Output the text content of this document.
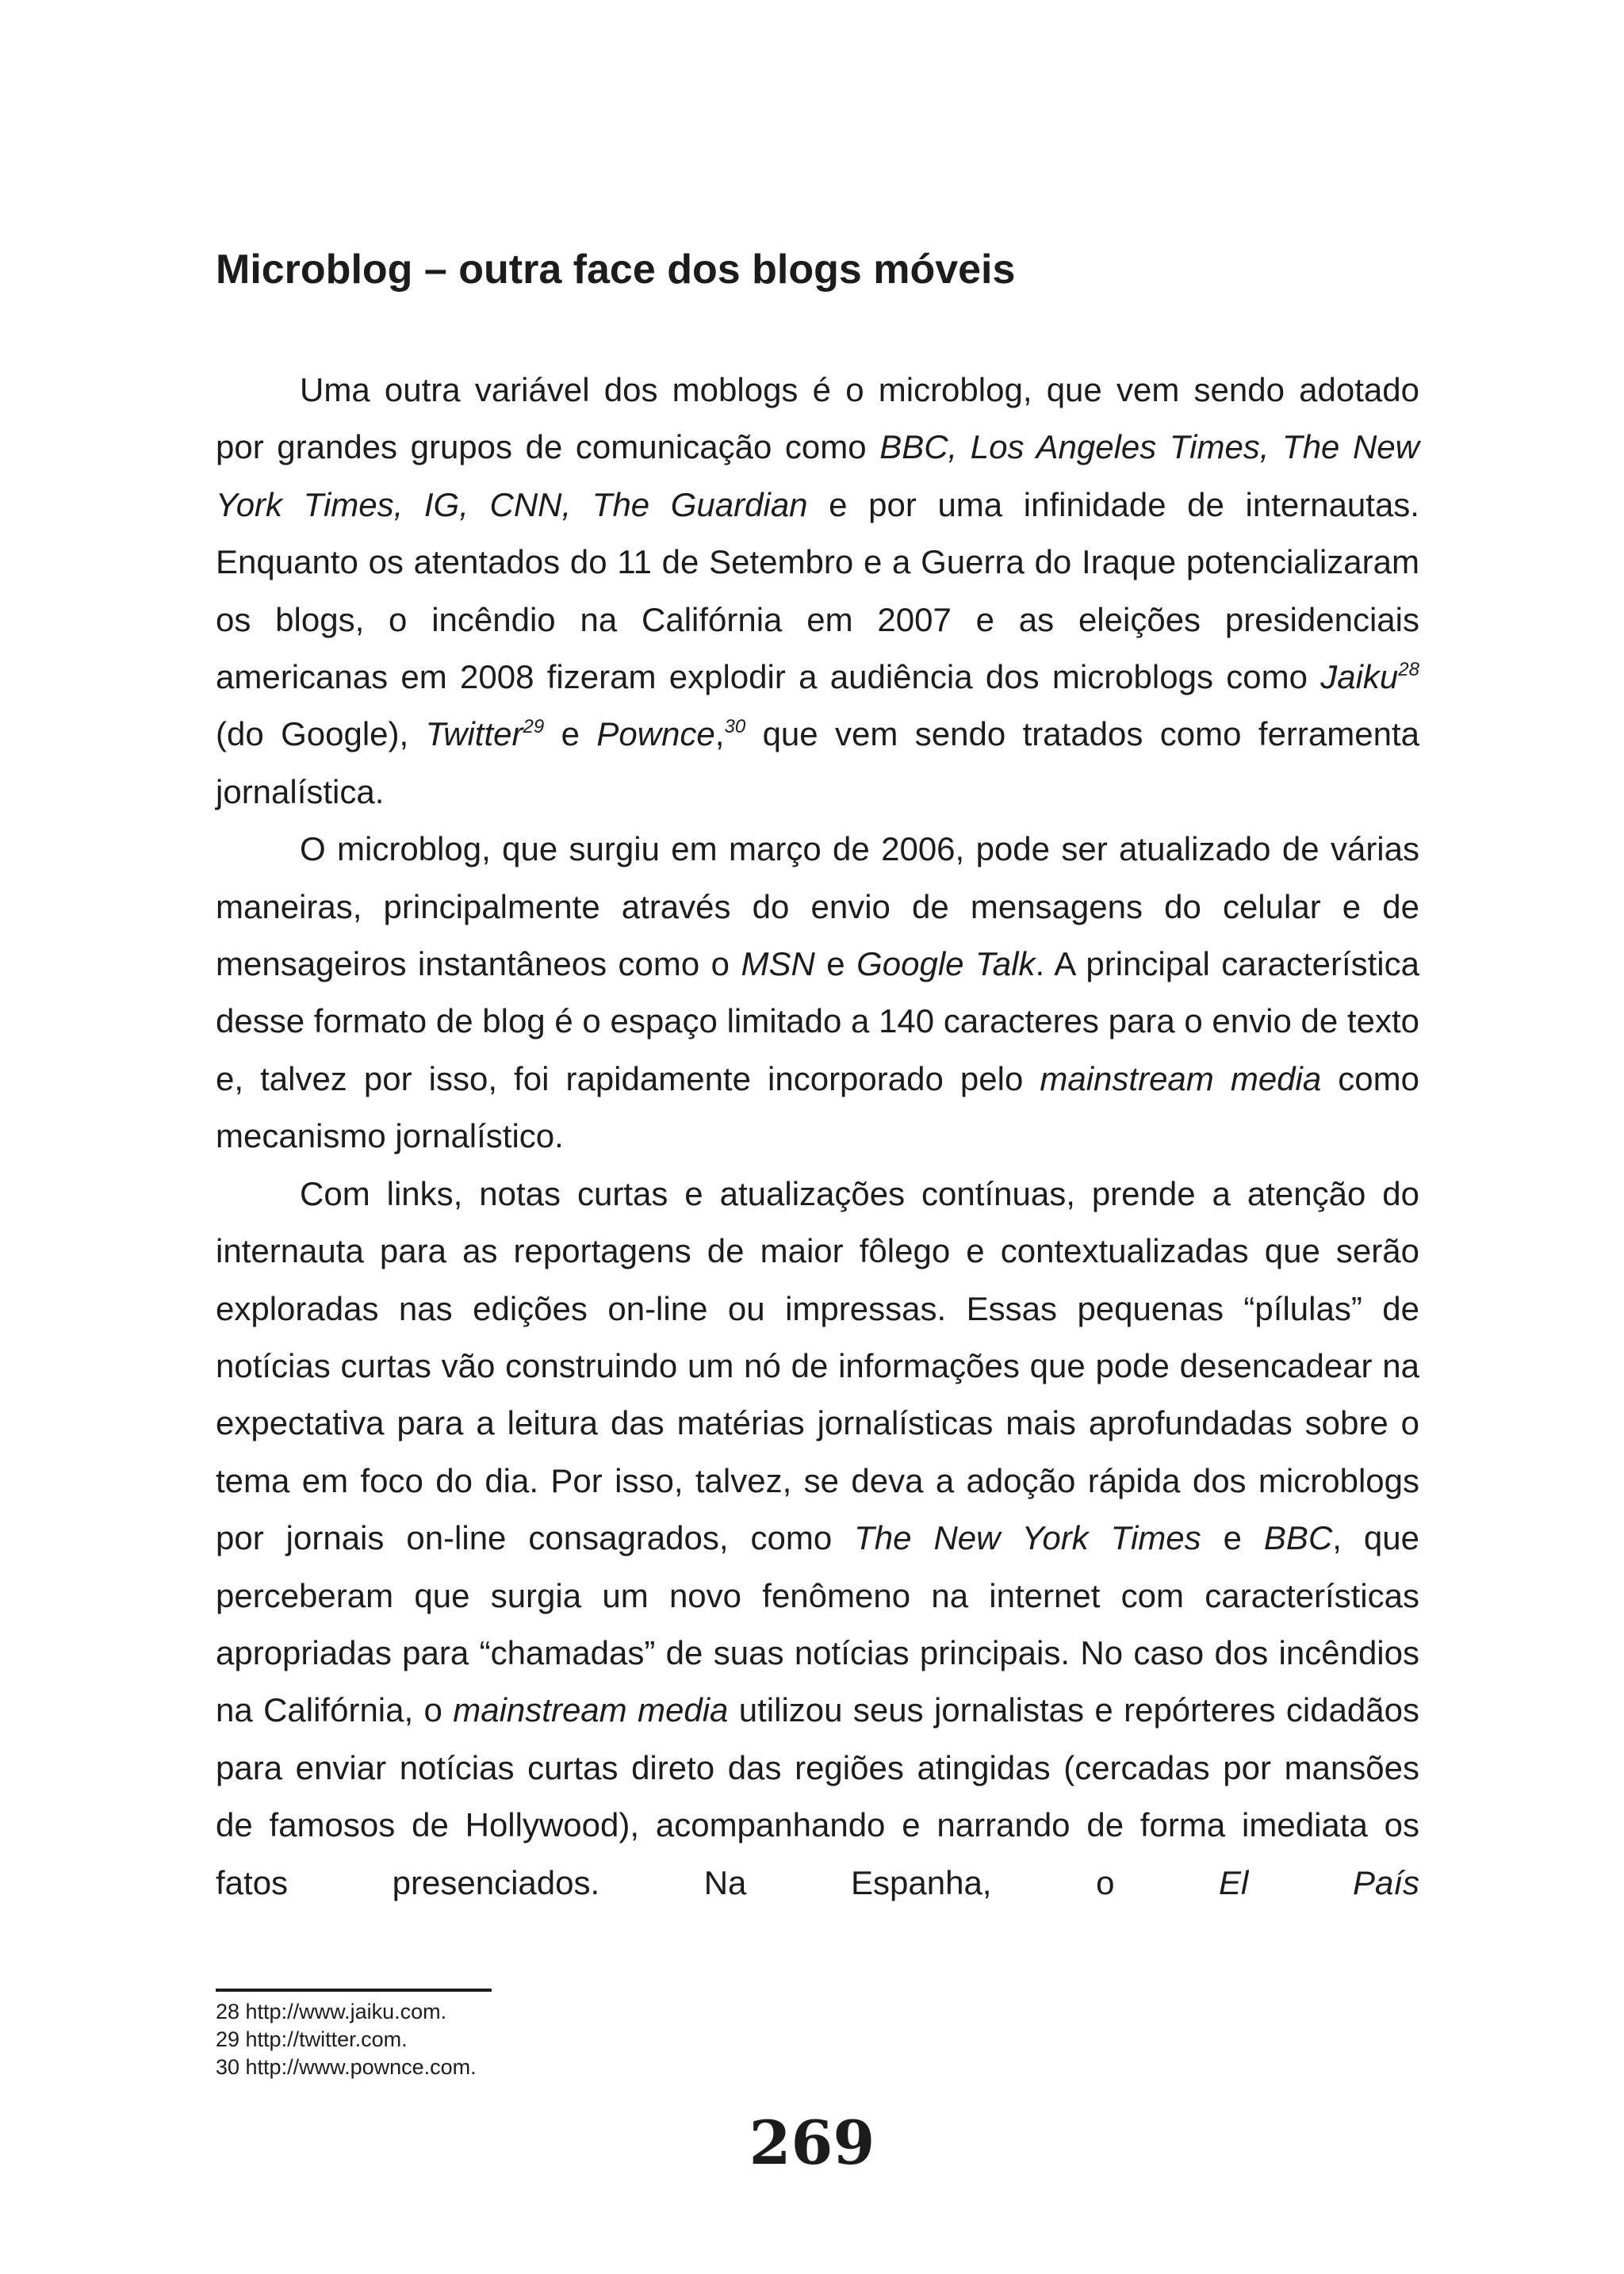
Microblog – outra face dos blogs móveis

Uma outra variável dos moblogs é o microblog, que vem sendo adotado por grandes grupos de comunicação como BBC, Los Angeles Times, The New York Times, IG, CNN, The Guardian e por uma infinidade de internautas. Enquanto os atentados do 11 de Setembro e a Guerra do Iraque potencializaram os blogs, o incêndio na Califórnia em 2007 e as eleições presidenciais americanas em 2008 fizeram explodir a audiência dos microblogs como Jaiku$^{28}$ (do Google), Twitter$^{29}$ e Pownce,$^{30}$ que vem sendo tratados como ferramenta jornalística.

O microblog, que surgiu em março de 2006, pode ser atualizado de várias maneiras, principalmente através do envio de mensagens do celular e de mensageiros instantâneos como o MSN e Google Talk. A principal característica desse formato de blog é o espaço limitado a 140 caracteres para o envio de texto e, talvez por isso, foi rapidamente incorporado pelo mainstream media como mecanismo jornalístico.

Com links, notas curtas e atualizações contínuas, prende a atenção do internauta para as reportagens de maior fôlego e contextualizadas que serão exploradas nas edições on-line ou impressas. Essas pequenas “pílulas” de notícias curtas vão construindo um nó de informações que pode desencadear na expectativa para a leitura das matérias jornalísticas mais aprofundadas sobre o tema em foco do dia. Por isso, talvez, se deva a adoção rápida dos microblogs por jornais on-line consagrados, como The New York Times e BBC, que perceberam que surgia um novo fenômeno na internet com características apropriadas para “chamadas” de suas notícias principais. No caso dos incêndios na Califórnia, o mainstream media utilizou seus jornalistas e repórteres cidadãos para enviar notícias curtas direto das regiões atingidas (cercadas por mansões de famosos de Hollywood), acompanhando e narrando de forma imediata os fatos presenciados. Na Espanha, o El País

28 http://www.jaiku.com.
29 http://twitter.com.
30 http://www.pownce.com.
269
